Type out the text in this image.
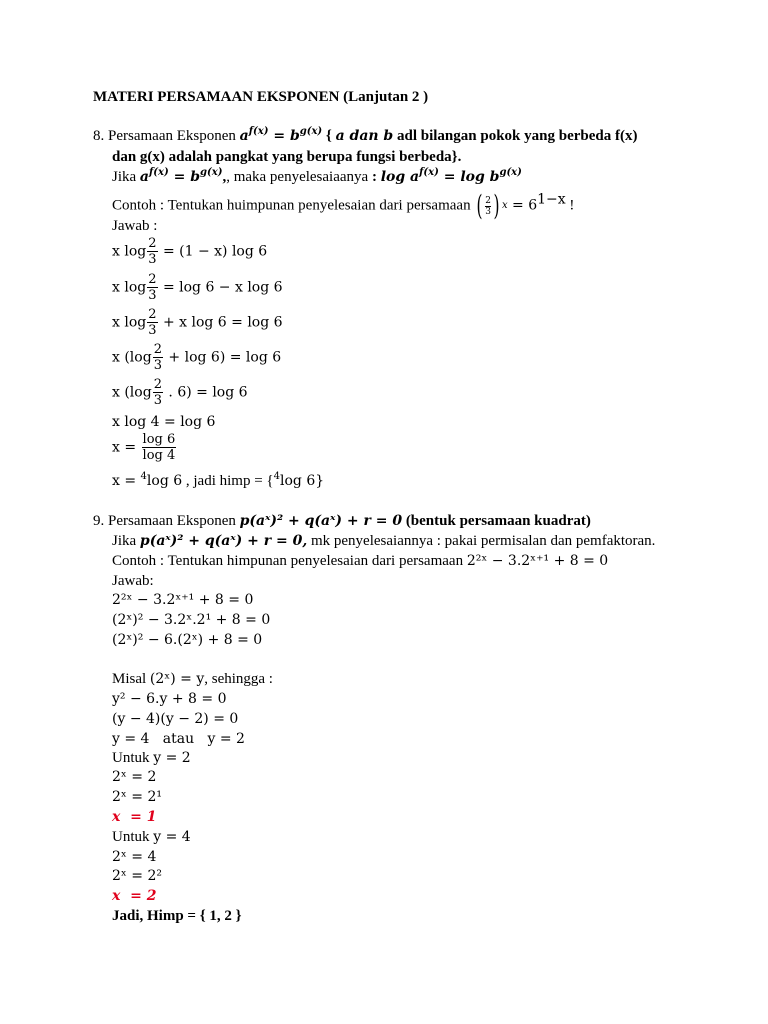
MATERI PERSAMAAN EKSPONEN (Lanjutan 2 )
8. Persamaan Eksponen $a^{f(x)} = b^{g(x)}$ { a dan b adl bilangan pokok yang berbeda f(x)
dan g(x) adalah pangkat yang berupa fungsi berbeda}.
Jika $a^{f(x)} = b^{g(x)}$,, maka penyelesaiaanya : $\log a^{f(x)} = \log b^{g(x)}$
Contoh : Tentukan huimpunan penyelesaian dari persamaan ( 2
3 ) $x = 6^{1-x}$ !
Jawab :
x $\log \frac{2}{3} = (1 - x)$ log 6
x $\log \frac{2}{3} = \log 6 - x$ log 6
x $\log \frac{2}{3} + x$ log 6 = log 6
x $(\log \frac{2}{3} + \log 6) = \log 6$
x ($\log \frac{2}{3}$ . 6) = log 6
x log 4 = log 6
$x = \frac{\log 6}{\log 4}$
x = $^4$log 6 , jadi himp = {$^4$log 6}
9. Persamaan Eksponen p(aˣ)² + q(aˣ) + r = 0 (bentuk persamaan kuadrat)
Jika p(aˣ)² + q(aˣ) + r = 0, mk penyelesaiannya : pakai permisalan dan pemfaktoran.
Contoh : Tentukan himpunan penyelesaian dari persamaan 2²ˣ − 3.2ˣ⁺¹ + 8 = 0
Jawab:
2²ˣ − 3.2ˣ⁺¹ + 8 = 0
(2ˣ)² − 3.2ˣ.2¹ + 8 = 0
(2ˣ)² − 6.(2ˣ) + 8 = 0
Misal (2ˣ) = y, sehingga :
y² − 6.y + 8 = 0
(y − 4)(y − 2) = 0
y = 4   atau   y = 2
Untuk y = 2
2ˣ = 2
2ˣ = 2¹
x  = 1
Untuk y = 4
2ˣ = 4
2ˣ = 2²
x  = 2
Jadi, Himp = { 1, 2 }
